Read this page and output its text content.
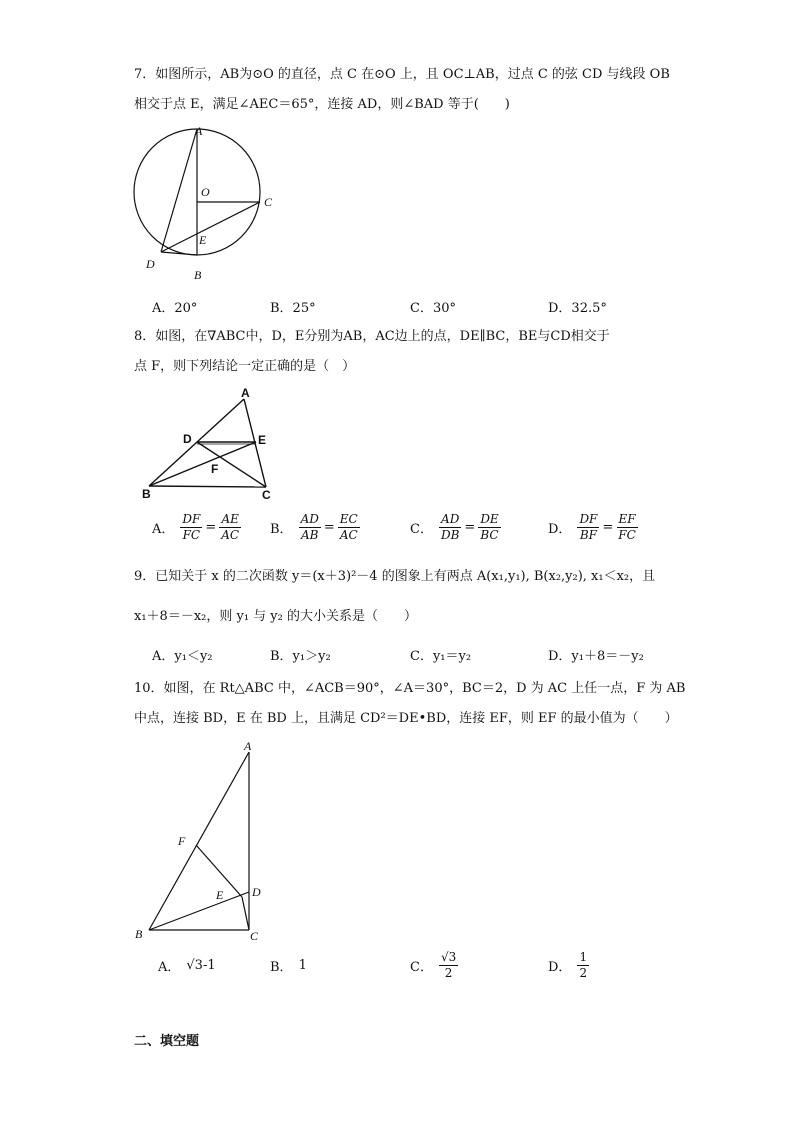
7．如图所示，AB为⊙O 的直径，点 C 在⊙O 上，且 OC⊥AB，过点 C 的弦 CD 与线段 OB
相交于点 E，满足∠AEC＝65°，连接 AD，则∠BAD 等于(　　)
A
O
C
E
D
B
A．20°	B．25°	C．30°	D．32.5°
8．如图，在∇ABC中，D，E分别为AB，AC边上的点，DE∥BC，BE与CD相交于
点 F，则下列结论一定正确的是（　）
A
D	E
F
B	C
A． $\frac{DF}{FC} = \frac{AE}{AC}$ B． $\frac{AD}{AB} = \frac{EC}{AC}$	C． $\frac{AD}{DB} = \frac{DE}{BC}$	D． $\frac{DF}{BF} = \frac{EF}{FC}$
9．已知关于 x 的二次函数 y＝(x＋3)²－4 的图象上有两点 A(x₁,y₁), B(x₂,y₂), x₁＜x₂，且
x₁＋8＝－x₂，则 y₁ 与 y₂ 的大小关系是（　　）
A．y₁＜y₂	B．y₁＞y₂	C．y₁＝y₂	D．y₁＋8＝－y₂
10．如图，在 Rt△ABC 中，∠ACB＝90°，∠A＝30°，BC＝2，D 为 AC 上任一点，F 为 AB
中点，连接 BD，E 在 BD 上，且满足 CD²＝DE•BD，连接 EF，则 EF 的最小值为（　　）
A
F
E D
B	C
A． √3-1	B． 1	C． $\frac{√3}{2}$	D． $\frac{1}{2}$
二、填空题
